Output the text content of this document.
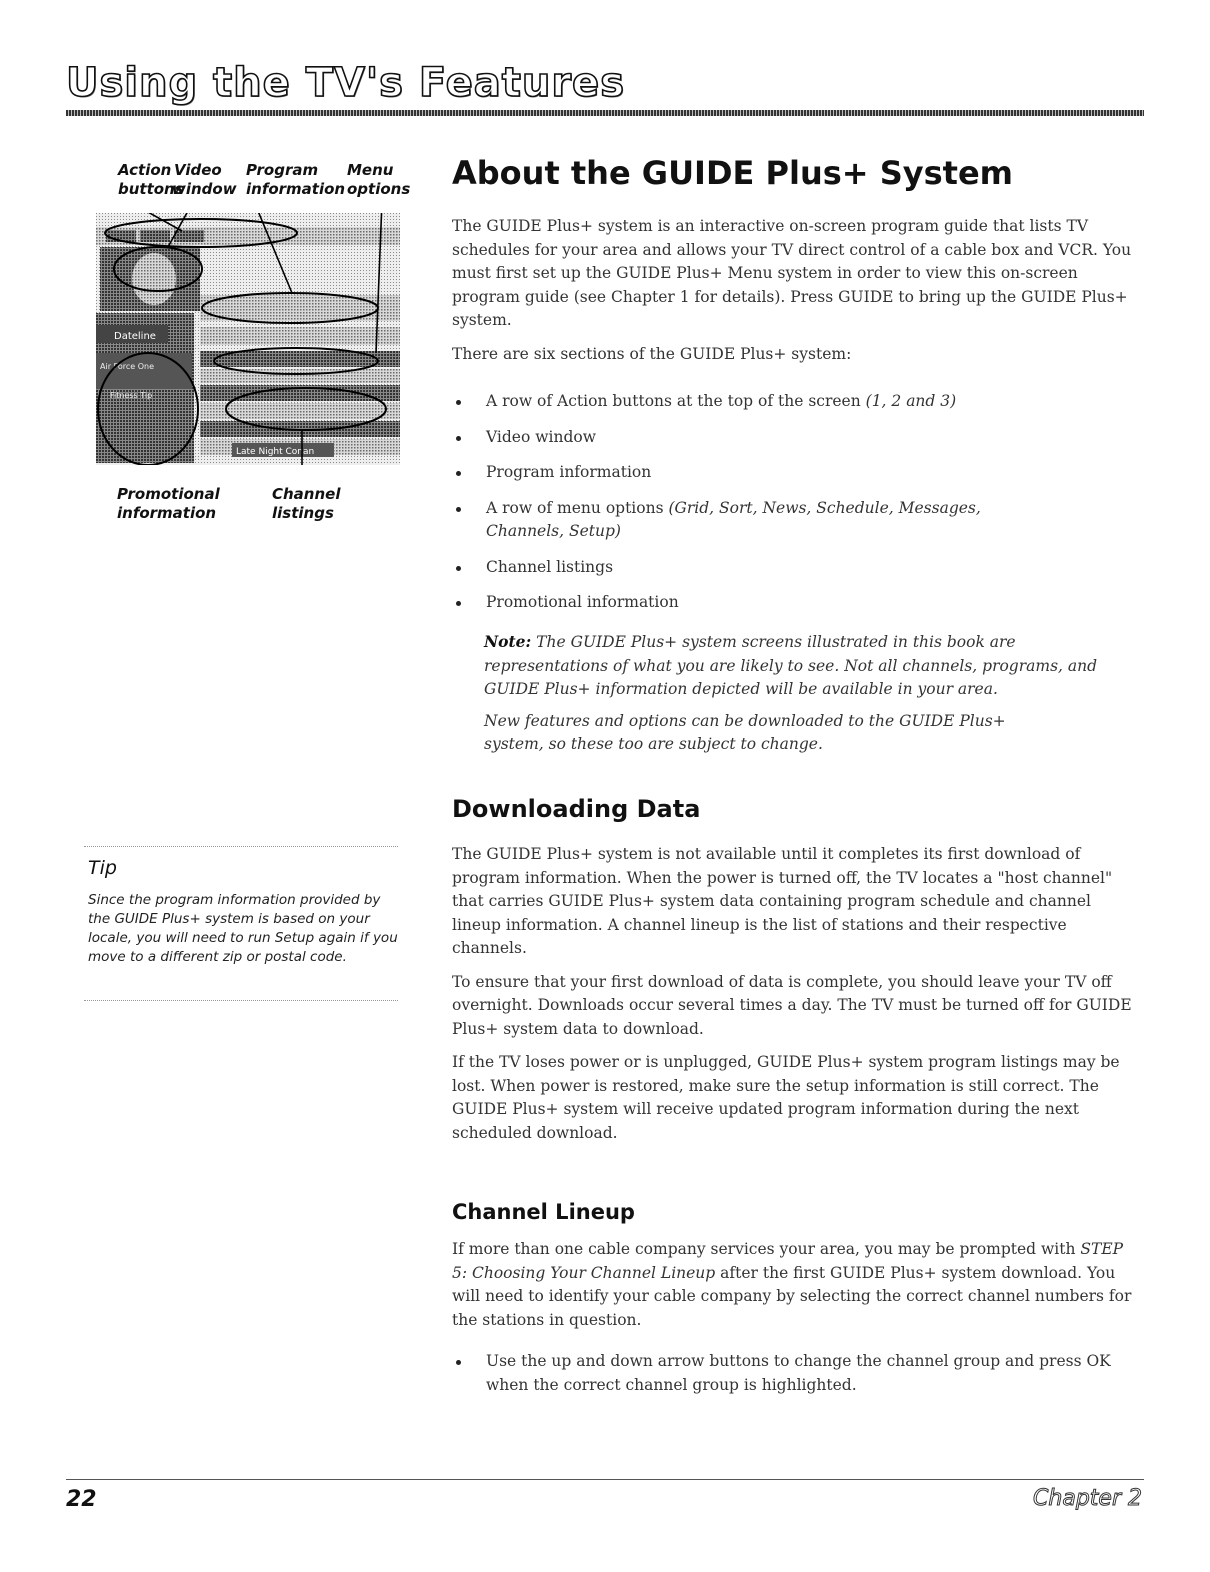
Using the TV's Features
Action
buttons
Video
window
Program
information
Menu
options
Dateline
Air Force One
Fitness Tip
Late Night Conan
Promotional
information
Channel
listings
About the GUIDE Plus+ System

The GUIDE Plus+ system is an interactive on-screen program guide that lists TV schedules for your area and allows your TV direct control of a cable box and VCR. You must first set up the GUIDE Plus+ Menu system in order to view this on-screen program guide (see Chapter 1 for details). Press GUIDE to bring up the GUIDE Plus+ system.

There are six sections of the GUIDE Plus+ system:

A row of Action buttons at the top of the screen (1, 2 and 3)

Video window

Program information

A row of menu options (Grid, Sort, News, Schedule, Messages, Channels, Setup)

Channel listings

Promotional information

Note: The GUIDE Plus+ system screens illustrated in this book are representations of what you are likely to see. Not all channels, programs, and GUIDE Plus+ information depicted will be available in your area.

New features and options can be downloaded to the GUIDE Plus+ system, so these too are subject to change.

Downloading Data

The GUIDE Plus+ system is not available until it completes its first download of program information. When the power is turned off, the TV locates a "host channel" that carries GUIDE Plus+ system data containing program schedule and channel lineup information. A channel lineup is the list of stations and their respective channels.

To ensure that your first download of data is complete, you should leave your TV off overnight. Downloads occur several times a day. The TV must be turned off for GUIDE Plus+ system data to download.

If the TV loses power or is unplugged, GUIDE Plus+ system program listings may be lost. When power is restored, make sure the setup information is still correct. The GUIDE Plus+ system will receive updated program information during the next scheduled download.

Channel Lineup

If more than one cable company services your area, you may be prompted with STEP 5: Choosing Your Channel Lineup after the first GUIDE Plus+ system download. You will need to identify your cable company by selecting the correct channel numbers for the stations in question.

Use the up and down arrow buttons to change the channel group and press OK when the correct channel group is highlighted.

Tip
Since the program information provided by the GUIDE Plus+ system is based on your locale, you will need to run Setup again if you move to a different zip or postal code.
22	Chapter 2
